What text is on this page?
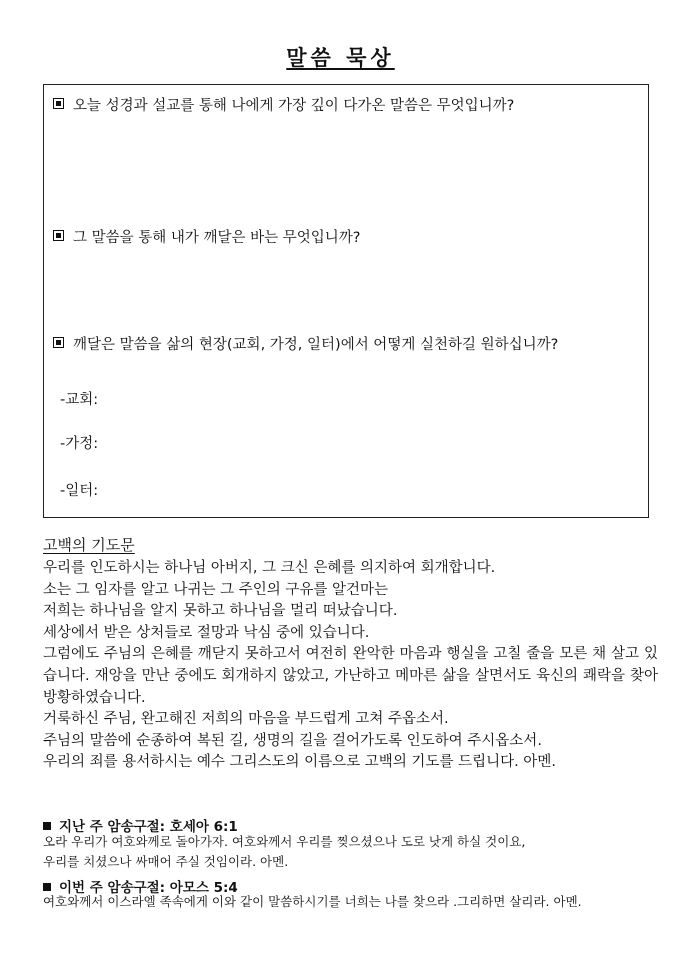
말씀 묵상
오늘 성경과 설교를 통해 나에게 가장 깊이 다가온 말씀은 무엇입니까?
그 말씀을 통해 내가 깨달은 바는 무엇입니까?
깨달은 말씀을 삶의 현장(교회, 가정, 일터)에서 어떻게 실천하길 원하십니까?
-교회:
-가정:
-일터:
고백의 기도문

우리를 인도하시는 하나님 아버지, 그 크신 은혜를 의지하여 회개합니다.

소는 그 임자를 알고 나귀는 그 주인의 구유를 알건마는

저희는 하나님을 알지 못하고 하나님을 멀리 떠났습니다.

세상에서 받은 상처들로 절망과 낙심 중에 있습니다.

그럼에도 주님의 은혜를 깨닫지 못하고서 여전히 완악한 마음과 행실을 고칠 줄을 모른 채 살고 있습니다. 재앙을 만난 중에도 회개하지 않았고, 가난하고 메마른 삶을 살면서도 육신의 쾌락을 찾아 방황하였습니다.

거룩하신 주님, 완고해진 저희의 마음을 부드럽게 고쳐 주옵소서.

주님의 말씀에 순종하여 복된 길, 생명의 길을 걸어가도록 인도하여 주시옵소서.

우리의 죄를 용서하시는 예수 그리스도의 이름으로 고백의 기도를 드립니다. 아멘.

지난 주 암송구절: 호세아 6:1
오라 우리가 여호와께로 돌아가자. 여호와께서 우리를 찢으셨으나 도로 낫게 하실 것이요,
우리를 치셨으나 싸매어 주실 것임이라. 아멘.
이번 주 암송구절: 아모스 5:4
여호와께서 이스라엘 족속에게 이와 같이 말씀하시기를 너희는 나를 찾으라 .그리하면 살리라. 아멘.
